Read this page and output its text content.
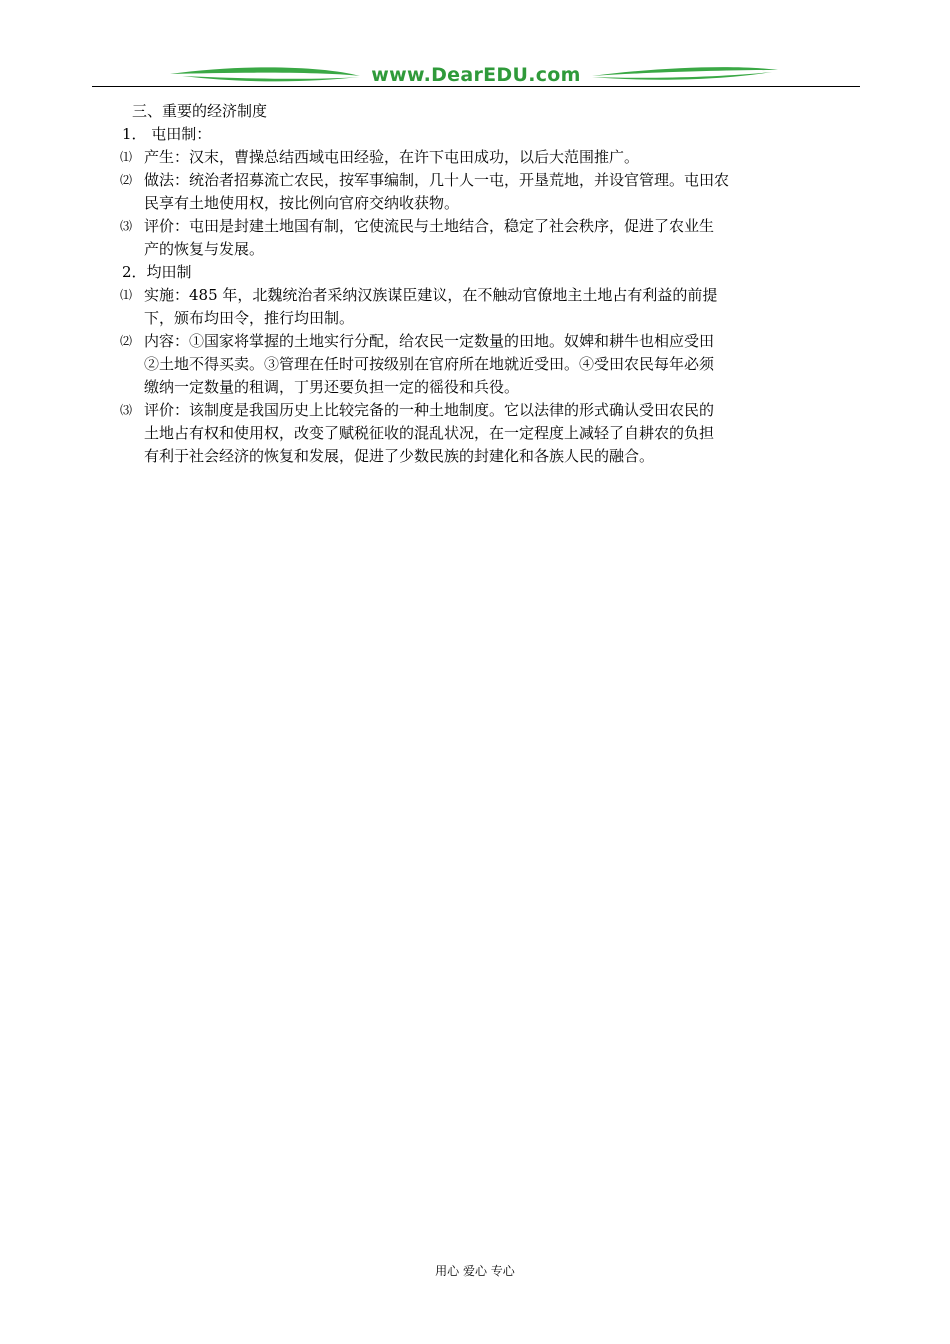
www.DearEDU.com

三、重要的经济制度

1． 屯田制：

⑴ 产生：汉末，曹操总结西域屯田经验，在许下屯田成功，以后大范围推广。

⑵ 做法：统治者招募流亡农民，按军事编制，几十人一屯，开垦荒地，并设官管理。屯田农

民享有土地使用权，按比例向官府交纳收获物。

⑶ 评价：屯田是封建土地国有制，它使流民与土地结合，稳定了社会秩序，促进了农业生

产的恢复与发展。

2．均田制

⑴ 实施：485 年，北魏统治者采纳汉族谋臣建议，在不触动官僚地主土地占有利益的前提

下，颁布均田令，推行均田制。

⑵ 内容：①国家将掌握的土地实行分配，给农民一定数量的田地。奴婢和耕牛也相应受田

②土地不得买卖。③管理在任时可按级别在官府所在地就近受田。④受田农民每年必须

缴纳一定数量的租调，丁男还要负担一定的徭役和兵役。

⑶ 评价：该制度是我国历史上比较完备的一种土地制度。它以法律的形式确认受田农民的

土地占有权和使用权，改变了赋税征收的混乱状况，在一定程度上减轻了自耕农的负担

有利于社会经济的恢复和发展，促进了少数民族的封建化和各族人民的融合。

用心 爱心 专心
